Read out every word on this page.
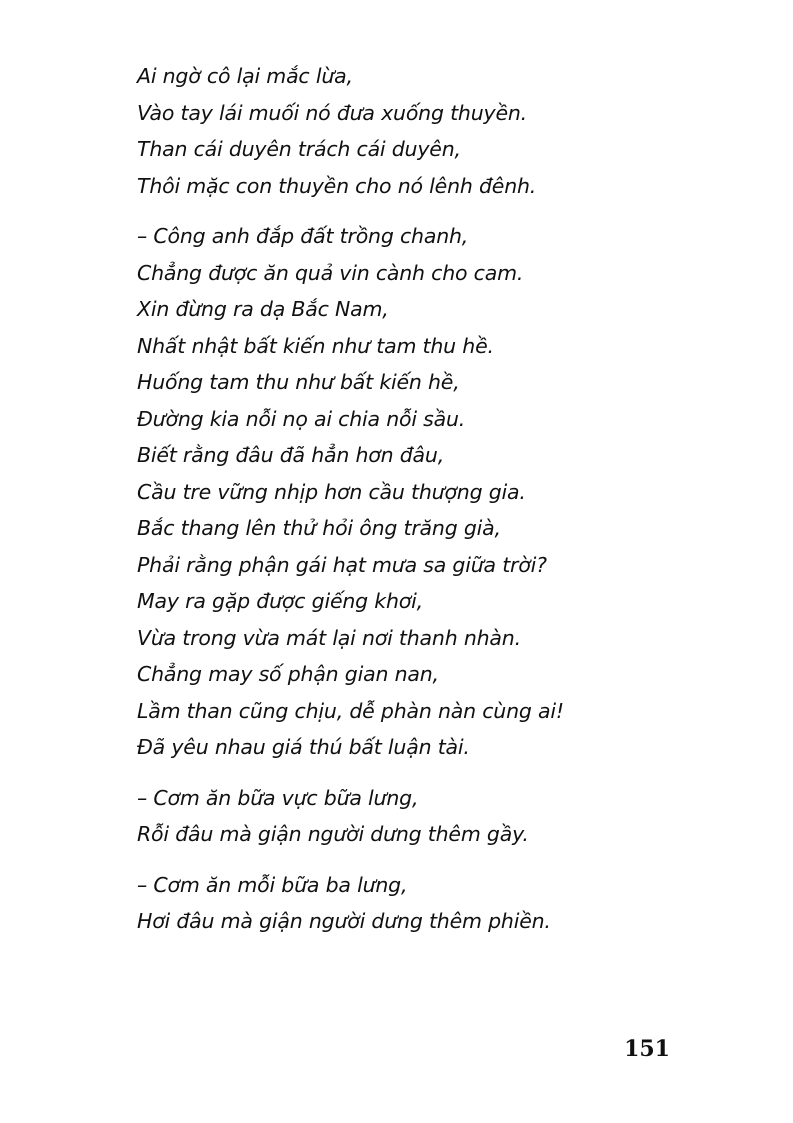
Ai ngờ cô lại mắc lừa,
Vào tay lái muối nó đưa xuống thuyền.
Than cái duyên trách cái duyên,
Thôi mặc con thuyền cho nó lênh đênh.
– Công anh đắp đất trồng chanh,
Chẳng được ăn quả vin cành cho cam.
Xin đừng ra dạ Bắc Nam,
Nhất nhật bất kiến như tam thu hề.
Huống tam thu như bất kiến hề,
Đường kia nỗi nọ ai chia nỗi sầu.
Biết rằng đâu đã hẳn hơn đâu,
Cầu tre vững nhịp hơn cầu thượng gia.
Bắc thang lên thử hỏi ông trăng già,
Phải rằng phận gái hạt mưa sa giữa trời?
May ra gặp được giếng khơi,
Vừa trong vừa mát lại nơi thanh nhàn.
Chẳng may số phận gian nan,
Lầm than cũng chịu, dễ phàn nàn cùng ai!
Đã yêu nhau giá thú bất luận tài.
– Cơm ăn bữa vực bữa lưng,
Rỗi đâu mà giận người dưng thêm gầy.
– Cơm ăn mỗi bữa ba lưng,
Hơi đâu mà giận người dưng thêm phiền.
151
